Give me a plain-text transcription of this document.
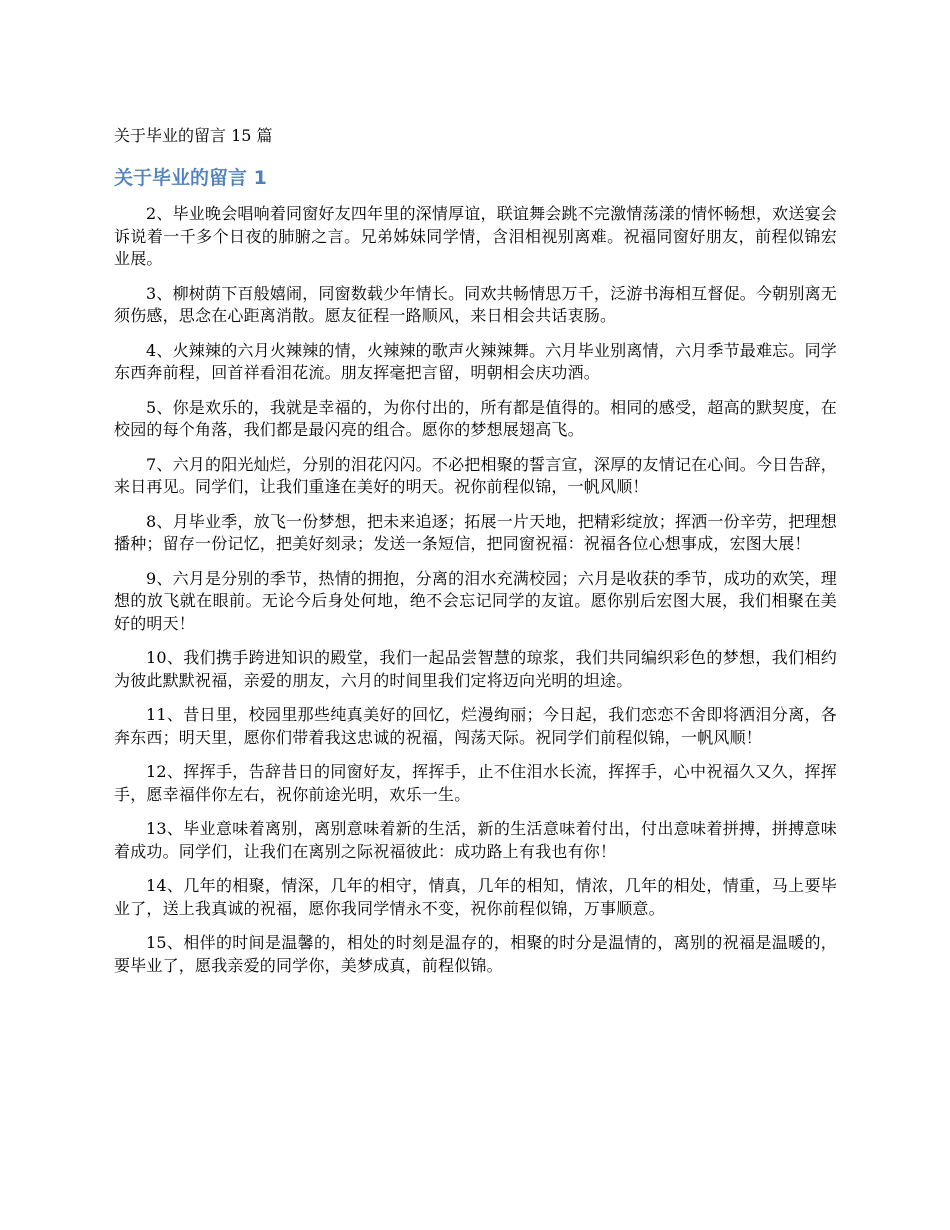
关于毕业的留言 15 篇
关于毕业的留言 1

2、毕业晚会唱响着同窗好友四年里的深情厚谊，联谊舞会跳不完激情荡漾的情怀畅想，欢送宴会诉说着一千多个日夜的肺腑之言。兄弟姊妹同学情，含泪相视别离难。祝福同窗好朋友，前程似锦宏业展。

3、柳树荫下百般嬉闹，同窗数载少年情长。同欢共畅情思万千，泛游书海相互督促。今朝别离无须伤感，思念在心距离消散。愿友征程一路顺风，来日相会共话衷肠。

4、火辣辣的六月火辣辣的情，火辣辣的歌声火辣辣舞。六月毕业别离情，六月季节最难忘。同学东西奔前程，回首祥看泪花流。朋友挥毫把言留，明朝相会庆功酒。

5、你是欢乐的，我就是幸福的，为你付出的，所有都是值得的。相同的感受，超高的默契度，在校园的每个角落，我们都是最闪亮的组合。愿你的梦想展翅高飞。

7、六月的阳光灿烂，分别的泪花闪闪。不必把相聚的誓言宣，深厚的友情记在心间。今日告辞，来日再见。同学们，让我们重逢在美好的明天。祝你前程似锦，一帆风顺！

8、月毕业季，放飞一份梦想，把未来追逐；拓展一片天地，把精彩绽放；挥洒一份辛劳，把理想播种；留存一份记忆，把美好刻录；发送一条短信，把同窗祝福：祝福各位心想事成，宏图大展！

9、六月是分别的季节，热情的拥抱，分离的泪水充满校园；六月是收获的季节，成功的欢笑，理想的放飞就在眼前。无论今后身处何地，绝不会忘记同学的友谊。愿你别后宏图大展，我们相聚在美好的明天！

10、我们携手跨进知识的殿堂，我们一起品尝智慧的琼浆，我们共同编织彩色的梦想，我们相约为彼此默默祝福，亲爱的朋友，六月的时间里我们定将迈向光明的坦途。

11、昔日里，校园里那些纯真美好的回忆，烂漫绚丽；今日起，我们恋恋不舍即将洒泪分离，各奔东西；明天里，愿你们带着我这忠诚的祝福，闯荡天际。祝同学们前程似锦，一帆风顺！

12、挥挥手，告辞昔日的同窗好友，挥挥手，止不住泪水长流，挥挥手，心中祝福久又久，挥挥手，愿幸福伴你左右，祝你前途光明，欢乐一生。

13、毕业意味着离别，离别意味着新的生活，新的生活意味着付出，付出意味着拼搏，拼搏意味着成功。同学们，让我们在离别之际祝福彼此：成功路上有我也有你！

14、几年的相聚，情深，几年的相守，情真，几年的相知，情浓，几年的相处，情重，马上要毕业了，送上我真诚的祝福，愿你我同学情永不变，祝你前程似锦，万事顺意。

15、相伴的时间是温馨的，相处的时刻是温存的，相聚的时分是温情的，离别的祝福是温暖的，要毕业了，愿我亲爱的同学你，美梦成真，前程似锦。
